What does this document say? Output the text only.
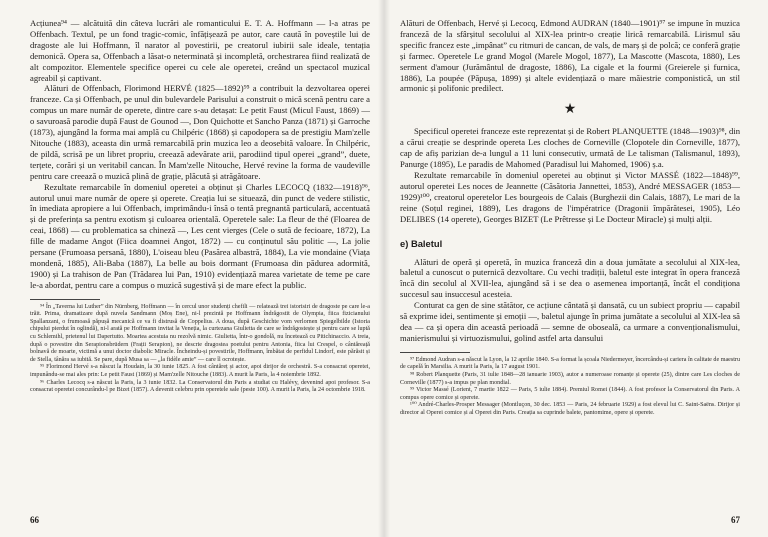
Acțiunea⁹⁴ — alcătuită din câteva lucrări ale romanticului E. T. A. Hoffmann — l-a atras pe Offenbach. Textul, pe un fond tragic-comic, înfățișează pe autor, care caută în poveștile lui de dragoste ale lui Hoffmann, îl narator al povestirii, pe creatorul iubirii sale ideale, tentația demonică. Opera sa, Offenbach a lăsat-o neterminată și incompletă, orchestrarea fiind realizată de alt compozitor. Elementele specifice operei cu cele ale operetei, creând un spectacol muzical agreabil și captivant.

Alături de Offenbach, Florimond HERVÉ (1825—1892)⁹⁵ a contribuit la dezvoltarea operei franceze. Ca și Offenbach, pe unul din bulevardele Parisului a construit o mică scenă pentru care a compus un mare număr de operete, dintre care s-au detașat: Le petit Faust (Micul Faust, 1869) — o savuroasă parodie după Faust de Gounod —, Don Quichotte et Sancho Panza (1871) și Garroche (1873), ajungând la forma mai amplă cu Chilpéric (1868) și capodopera sa de prestigiu Mam'zelle Nitouche (1883), aceasta din urmă remarcabilă prin muzica leo a deosebită valoare. În Chilpéric, de pildă, scrisă pe un libret propriu, creează adevărate arii, parodiind tipul operei „grand”, duete, terțete, corări și un veritabil cancan. În Mam'zelle Nitouche, Hervé revine la forma de vaudeville pentru care creează o muzică plină de grație, plăcută și atrăgătoare.

Rezultate remarcabile în domeniul operetei a obținut și Charles LECOCQ (1832—1918)⁹⁶, autorul unui mare număr de opere și operete. Creația lui se situează, din punct de vedere stilistic, în imediata apropiere a lui Offenbach, imprimându-i însă o tentă pregnantă particulară, accentuată și de preferința sa pentru exotism și culoarea orientală. Operetele sale: La fleur de thé (Floarea de ceai, 1868) — cu problematica sa chineză —, Les cent vierges (Cele o sută de fecioare, 1872), La fille de madame Angot (Fiica doamnei Angot, 1872) — cu conținutul său politic —, La jolie persane (Frumoasa persană, 1880), L'oiseau bleu (Pasărea albastră, 1884), La vie mondaine (Viața mondenă, 1885), Ali-Baba (1887), La belle au bois dormant (Frumoasa din pădurea adormită, 1900) și La trahison de Pan (Trădarea lui Pan, 1910) evidențiază marea varietate de teme pe care le-a abordat, pentru care a compus o muzică sugestivă și de mare efect la public.

⁹⁴ În „Taverna lui Luther” din Nürnberg, Hoffmann — în cercul unor studenți chefili — relatează trei istorisiri de dragoste pe care le-a trăit. Prima, dramatizare după nuvela Sandmann (Moș Ene), ni-l prezintă pe Hoffmann îndrăgostit de Olympia, fiica fizicianului Spallanzani, o frumoasă păpușă mecanică ce va fi distrusă de Coppelius. A doua, după Geschichte vom verlornen Spiegelbilde (Istoria chipului pierdut în oglindă), ni-l arată pe Hoffmann invitat la Veneția, la curtezana Giulietta de care se îndrăgostește și pentru care se luptă cu Schlemihl, prietenul lui Dapertutto. Moartea acestuia nu rezolvă nimic. Giulietta, într-o gondolă, nu încetează cu Pitichinaccio. A treia, după o povestire din Serapionsbrüdern (Frații Serapion), ne descrie dragostea poetului pentru Antonia, fiica lui Crespel, o cântăreață bolnavă de moarte, victimă a unui doctor diabolic Miracle. Încheindu-și povestirile, Hoffmann, îmbătat de perfidul Lindorf, este părăsit și de Stella, tânăra sa iubită. Se pare, după Musa sa — „la fidèle amie” — care îl ocrotește.

⁹⁵ Florimond Hervé s-a născut la Houdain, la 30 iunie 1825. A fost cântăreț și actor, apoi dirijor de orchestră. S-a consacrat operetei, impunându-se mai ales prin: Le petit Faust (1869) și Mam'zelle Nitouche (1883). A murit la Paris, la 4 noiembrie 1892.

⁹⁶ Charles Lecocq s-a născut la Paris, la 3 iunie 1832. La Conservatorul din Paris a studiat cu Halévy, devenind apoi profesor. S-a consacrat operetei concurându-l pe Bizet (1857). A devenit celebru prin operetele sale (peste 100). A murit la Paris, la 24 octombrie 1918.

66

Alături de Offenbach, Hervé și Lecocq, Edmond AUDRAN (1840—1901)⁹⁷ se impune în muzica franceză de la sfârșitul secolului al XIX-lea printr-o creație lirică remarcabilă. Lirismul său specific francez este „impânat” cu ritmuri de cancan, de vals, de marș și de polcă; ce conferă grație și farmec. Operetele Le grand Mogol (Marele Mogol, 1877), La Mascotte (Mascota, 1880), Les serment d'amour (Jurământul de dragoste, 1886), La cigale et la fourmi (Greierele și furnica, 1886), La poupée (Păpușa, 1899) și altele evidențiază o mare măiestrie componistică, un stil armonic și polifonic predilect.

★

Specificul operetei franceze este reprezentat și de Robert PLANQUETTE (1848—1903)⁹⁸, din a cărui creație se desprinde opereta Les cloches de Corneville (Clopotele din Corneville, 1877), cap de afiș parizian de-a lungul a 11 luni consecutiv, urmată de Le talisman (Talismanul, 1893), Panurge (1895), Le paradis de Mahomed (Paradisul lui Mahomed, 1906) ș.a.

Rezultate remarcabile în domeniul operetei au obținut și Victor MASSÉ (1822—1848)⁹⁹, autorul operetei Les noces de Jeannette (Căsătoria Jannettei, 1853), André MESSAGER (1853—1929)¹⁰⁰, creatorul operetelor Les bourgeois de Calais (Burghezii din Calais, 1887), Le mari de la reine (Soțul reginei, 1889), Les dragons de l'impératrice (Dragonii împărătesei, 1905), Léo DELIBES (14 operete), Georges BIZET (Le Prêtresse și Le Docteur Miracle) și mulți alții.

e) Baletul

Alături de operă și operetă, în muzica franceză din a doua jumătate a secolului al XIX-lea, baletul a cunoscut o puternică dezvoltare. Cu vechi tradiții, baletul este integrat în opera franceză încă din secolul al XVII-lea, ajungând să i se dea o asemenea importanță, încât el condiționa succesul sau insuccesul acesteia.

Conturat ca gen de sine stătător, ce acțiune cântată și dansată, cu un subiect propriu — capabil să exprime idei, sentimente și emoții —, baletul ajunge în prima jumătate a secolului al XIX-lea să dea — ca și opera din această perioadă — semne de oboseală, ca urmare a convenționalismului, manierismului și virtuozismului, golind astfel arta dansului

⁹⁷ Edmond Audran s-a născut la Lyon, la 12 aprilie 1840. S-a format la școala Niedermeyer, încercându-și cariera în calitate de maestru de capelă în Marsilia. A murit la Paris, la 17 august 1901.

⁹⁸ Robert Planquette (Paris, 31 iulie 1848—28 ianuarie 1903), autor a numeroase romanțe și operete (25), dintre care Les cloches de Corneville (1877) s-a impus pe plan mondial.

⁹⁹ Victor Massé (Lorient, 7 martie 1822 — Paris, 5 iulie 1884). Premiul Romei (1844). A fost profesor la Conservatorul din Paris. A compus opere comice și operete.

¹⁰⁰ André-Charles-Prosper Messager (Montluçon, 30 dec. 1853 — Paris, 24 februarie 1929) a fost elevul lui C. Saint-Saëns. Dirijor și director al Operei comice și al Operei din Paris. Creația sa cuprinde balete, pantomime, opere și operete.

67
